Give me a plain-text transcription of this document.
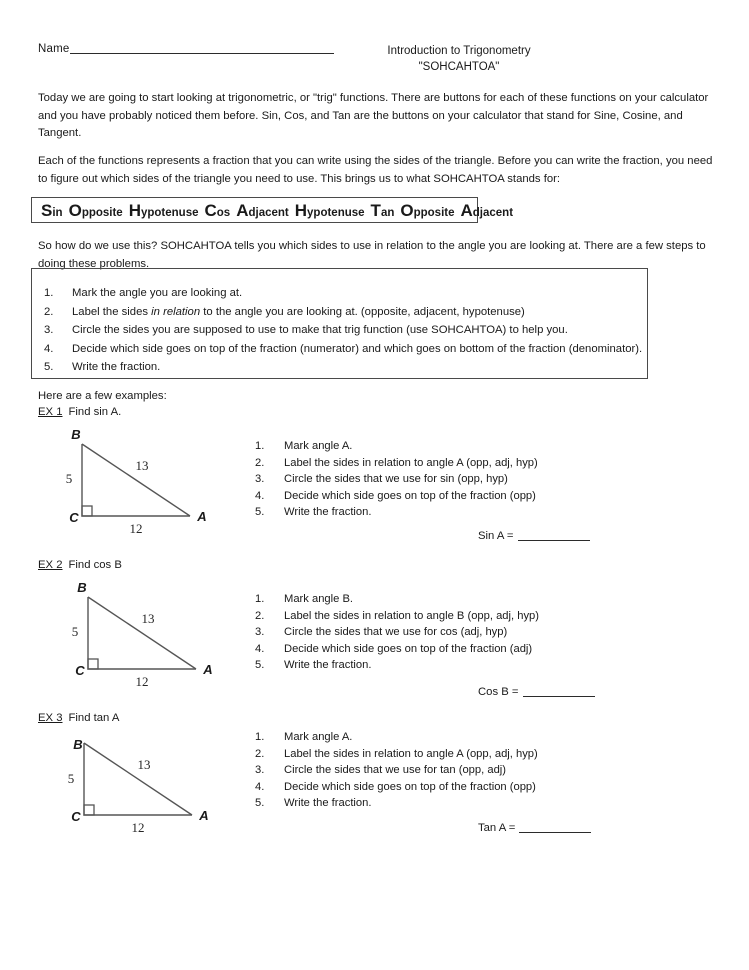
Name	Introduction to Trigonometry
"SOHCAHTOA"
Today we are going to start looking at trigonometric, or "trig" functions. There are buttons for each of these functions on your calculator and you have probably noticed them before. Sin, Cos, and Tan are the buttons on your calculator that stand for Sine, Cosine, and Tangent.
Each of the functions represents a fraction that you can write using the sides of the triangle. Before you can write the fraction, you need to figure out which sides of the triangle you need to use. This brings us to what SOHCAHTOA stands for:
Sin Opposite Hypotenuse Cos Adjacent Hypotenuse Tan Opposite Adjacent
So how do we use this? SOHCAHTOA tells you which sides to use in relation to the angle you are looking at. There are a few steps to doing these problems.
1.	Mark the angle you are looking at.
2.	Label the sides in relation to the angle you are looking at. (opposite, adjacent, hypotenuse)
3.	Circle the sides you are supposed to use to make that trig function (use SOHCAHTOA) to help you.
4.	Decide which side goes on top of the fraction (numerator) and which goes on bottom of the fraction (denominator).
5.	Write the fraction.
Here are a few examples:
EX 1 Find sin A.
B
C	A
5
13
12
1.	Mark angle A.
2.	Label the sides in relation to angle A (opp, adj, hyp)
3.	Circle the sides that we use for sin (opp, hyp)
4.	Decide which side goes on top of the fraction (opp)
5.	Write the fraction.
Sin A =
EX 2 Find cos B
B
C	A
5
13
12
1.	Mark angle B.
2.	Label the sides in relation to angle B (opp, adj, hyp)
3.	Circle the sides that we use for cos (adj, hyp)
4.	Decide which side goes on top of the fraction (adj)
5.	Write the fraction.
Cos B =
EX 3 Find tan A
B
C	A
5
13
12
1.	Mark angle A.
2.	Label the sides in relation to angle A (opp, adj, hyp)
3.	Circle the sides that we use for tan (opp, adj)
4.	Decide which side goes on top of the fraction (opp)
5.	Write the fraction.
Tan A =
